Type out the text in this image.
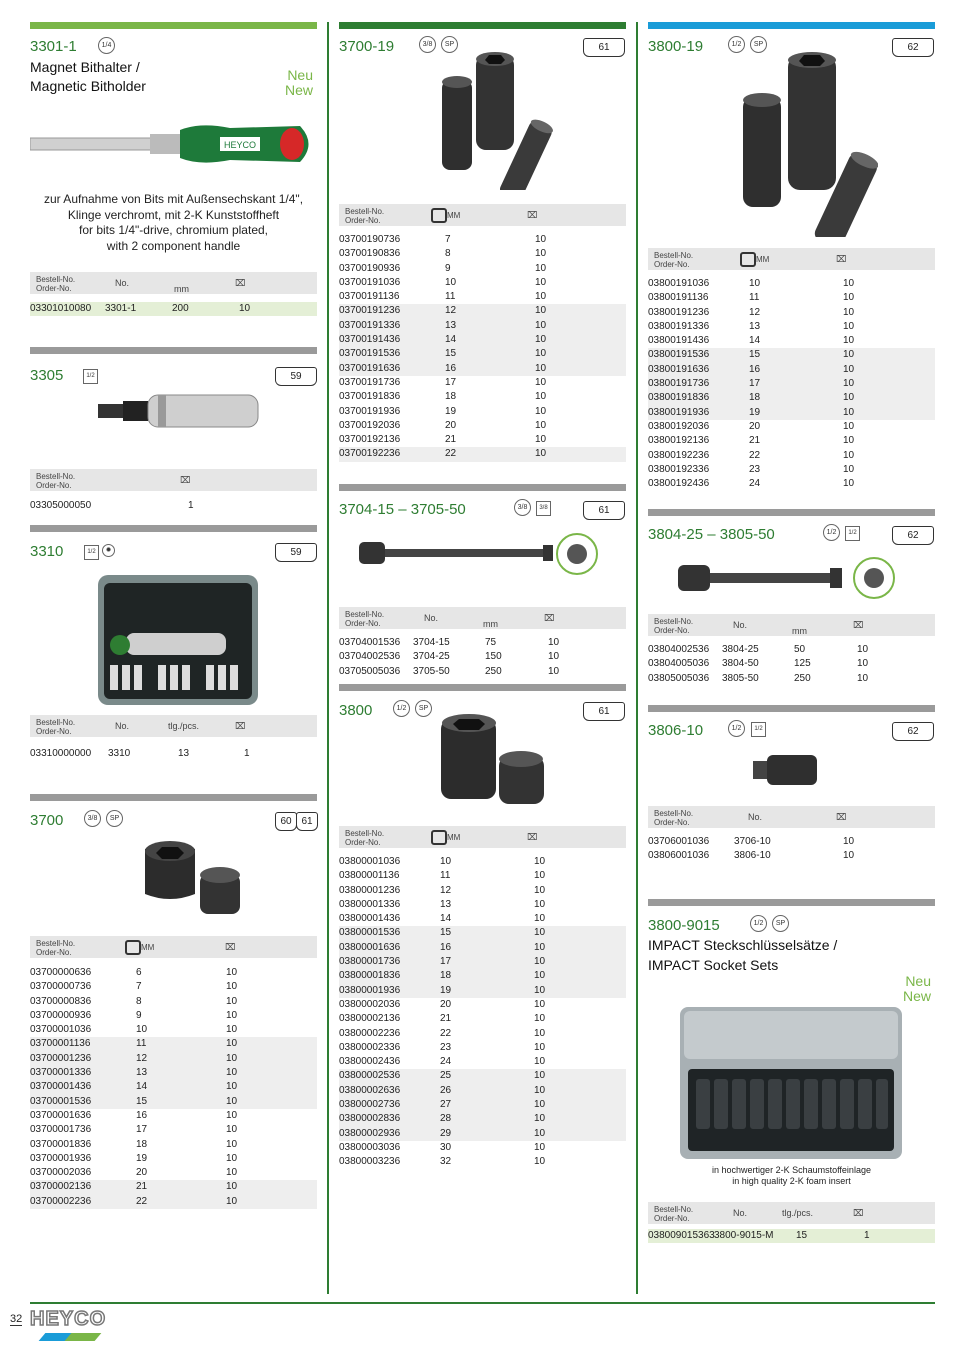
3301-1	1/4
Magnet Bithalter /
Magnetic Bitholder
Neu
New
HEYCO
zur Aufnahme von Bits mit Außensechskant 1/4",
Klinge verchromt, mit 2-K Kunststoffheft
for bits 1/4"-drive, chromium plated,
with 2 component handle
Bestell-No.
Order-No.
No.
mm
⌧
03301010080 3301-1	200	10
3305	1/2	59
Bestell-No.
Order-No.
⌧
03305000050	1
3310	1/2	✹	59
Bestell-No.
Order-No.
No.	tlg./pcs.	⌧
03310000000 3310	13	1
3700	3/8	SP	60 61
Bestell-No.
Order-No.
MM	⌧
03700000636	6	10
03700000736	7	10
03700000836	8	10
03700000936	9	10
03700001036	10	10
03700001136	11	10
03700001236	12	10
03700001336	13	10
03700001436	14	10
03700001536	15	10
03700001636	16	10
03700001736	17	10
03700001836	18	10
03700001936	19	10
03700002036	20	10
03700002136	21	10
03700002236	22	10
3700-19	3/8	SP	61
Bestell-No.
Order-No.
MM	⌧
03700190736	7	10
03700190836	8	10
03700190936	9	10
03700191036	10	10
03700191136	11	10
03700191236	12	10
03700191336	13	10
03700191436	14	10
03700191536	15	10
03700191636	16	10
03700191736	17	10
03700191836	18	10
03700191936	19	10
03700192036	20	10
03700192136	21	10
03700192236	22	10
3704-15 – 3705-50	3/8	3/8	61
Bestell-No.
Order-No.
No.
mm
⌧
03704001536 3704-15	75	10
03704002536 3704-25	150	10
03705005036 3705-50	250	10
3800	1/2	SP	61
Bestell-No.
Order-No.
MM	⌧
03800001036	10	10
03800001136	11	10
03800001236	12	10
03800001336	13	10
03800001436	14	10
03800001536	15	10
03800001636	16	10
03800001736	17	10
03800001836	18	10
03800001936	19	10
03800002036	20	10
03800002136	21	10
03800002236	22	10
03800002336	23	10
03800002436	24	10
03800002536	25	10
03800002636	26	10
03800002736	27	10
03800002836	28	10
03800002936	29	10
03800003036	30	10
03800003236	32	10
3800-19	1/2	SP	62
Bestell-No.
Order-No.
MM	⌧
03800191036	10	10
03800191136	11	10
03800191236	12	10
03800191336	13	10
03800191436	14	10
03800191536	15	10
03800191636	16	10
03800191736	17	10
03800191836	18	10
03800191936	19	10
03800192036	20	10
03800192136	21	10
03800192236	22	10
03800192336	23	10
03800192436	24	10
3804-25 – 3805-50	1/2	1/2	62
Bestell-No.
Order-No.
No.
mm
⌧
03804002536 3804-25	50	10
03804005036 3804-50	125	10
03805005036 3805-50	250	10
3806-10	1/2	1/2	62
Bestell-No.
Order-No.
No.	⌧
03706001036 3706-10	10
03806001036 3806-10	10
3800-9015	1/2	SP
IMPACT Steckschlüsselsätze /
IMPACT Socket Sets
Neu
New
in hochwertiger 2-K Schaumstoffeinlage
in high quality 2-K foam insert
Bestell-No.
Order-No.
No.	tlg./pcs.	⌧
038009015363 3800-9015-M 15	1
32 HEYCO
